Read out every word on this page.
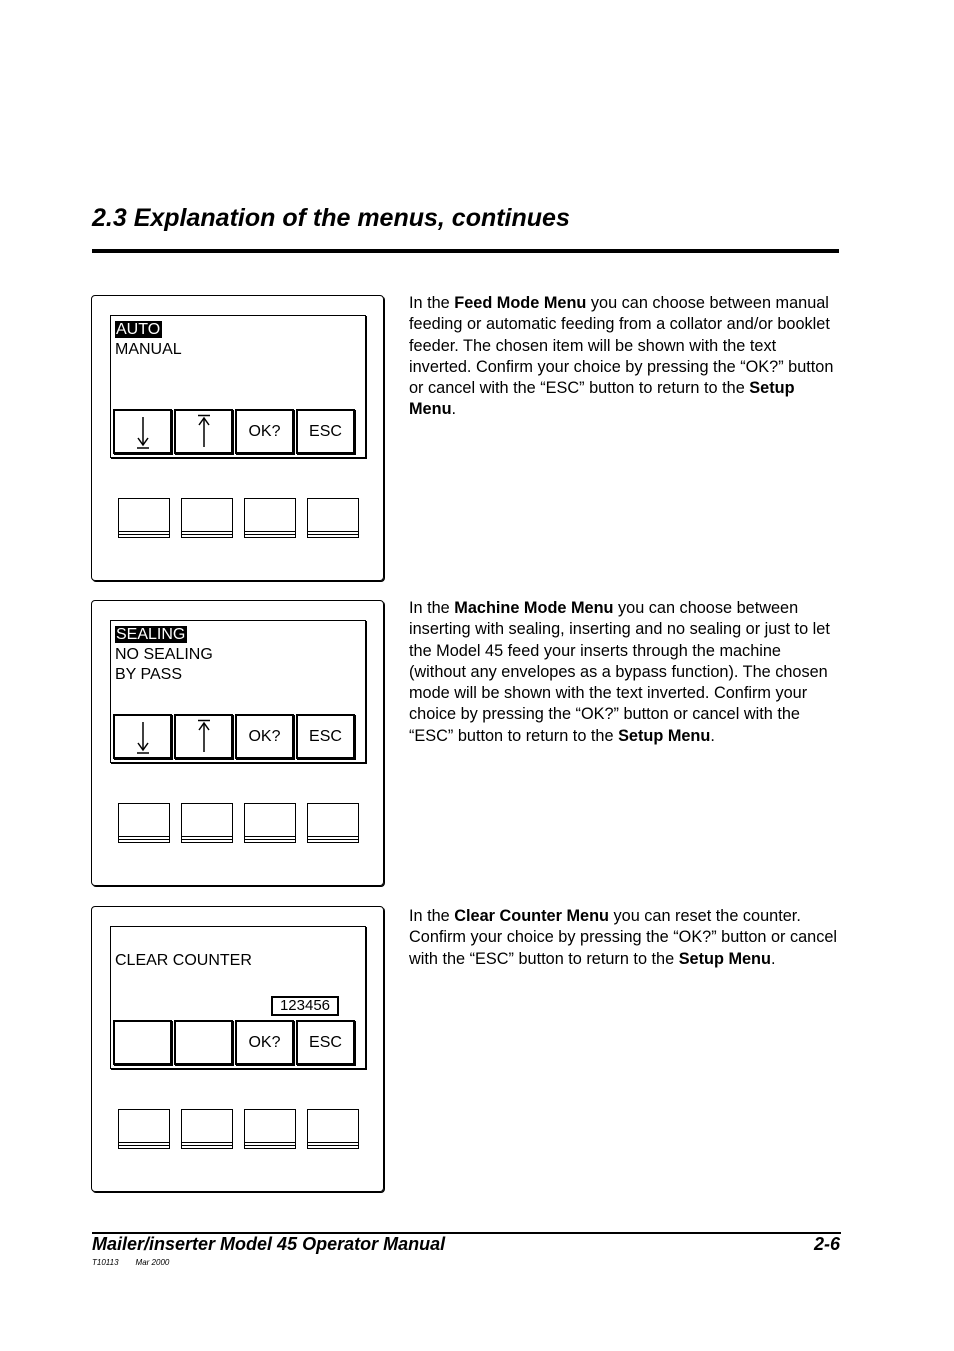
2.3 Explanation of the menus, continues
AUTO
MANUAL
OK?	ESC
In the Feed Mode Menu you can choose between manual feeding or automatic feeding from a collator and/or booklet feeder. The chosen item will be shown with the text inverted. Confirm your choice by pressing the “OK?” button or cancel with the “ESC” button to return to the Setup Menu.
SEALING
NO SEALING
BY PASS
OK?	ESC
In the Machine Mode Menu you can choose between inserting with sealing, inserting and no sealing or just to let the Model 45 feed your inserts through the machine (without any envelopes as a bypass function). The chosen mode will be shown with the text inverted. Confirm your choice by pressing the “OK?” button or cancel with the “ESC” button to return to the Setup Menu.
CLEAR COUNTER
123456
OK?	ESC
In the Clear Counter Menu you can reset the counter. Confirm your choice by pressing the “OK?” button or cancel with the “ESC” button to return to the Setup Menu.
Mailer/inserter Model 45 Operator Manual	2-6
T10113 Mar 2000
